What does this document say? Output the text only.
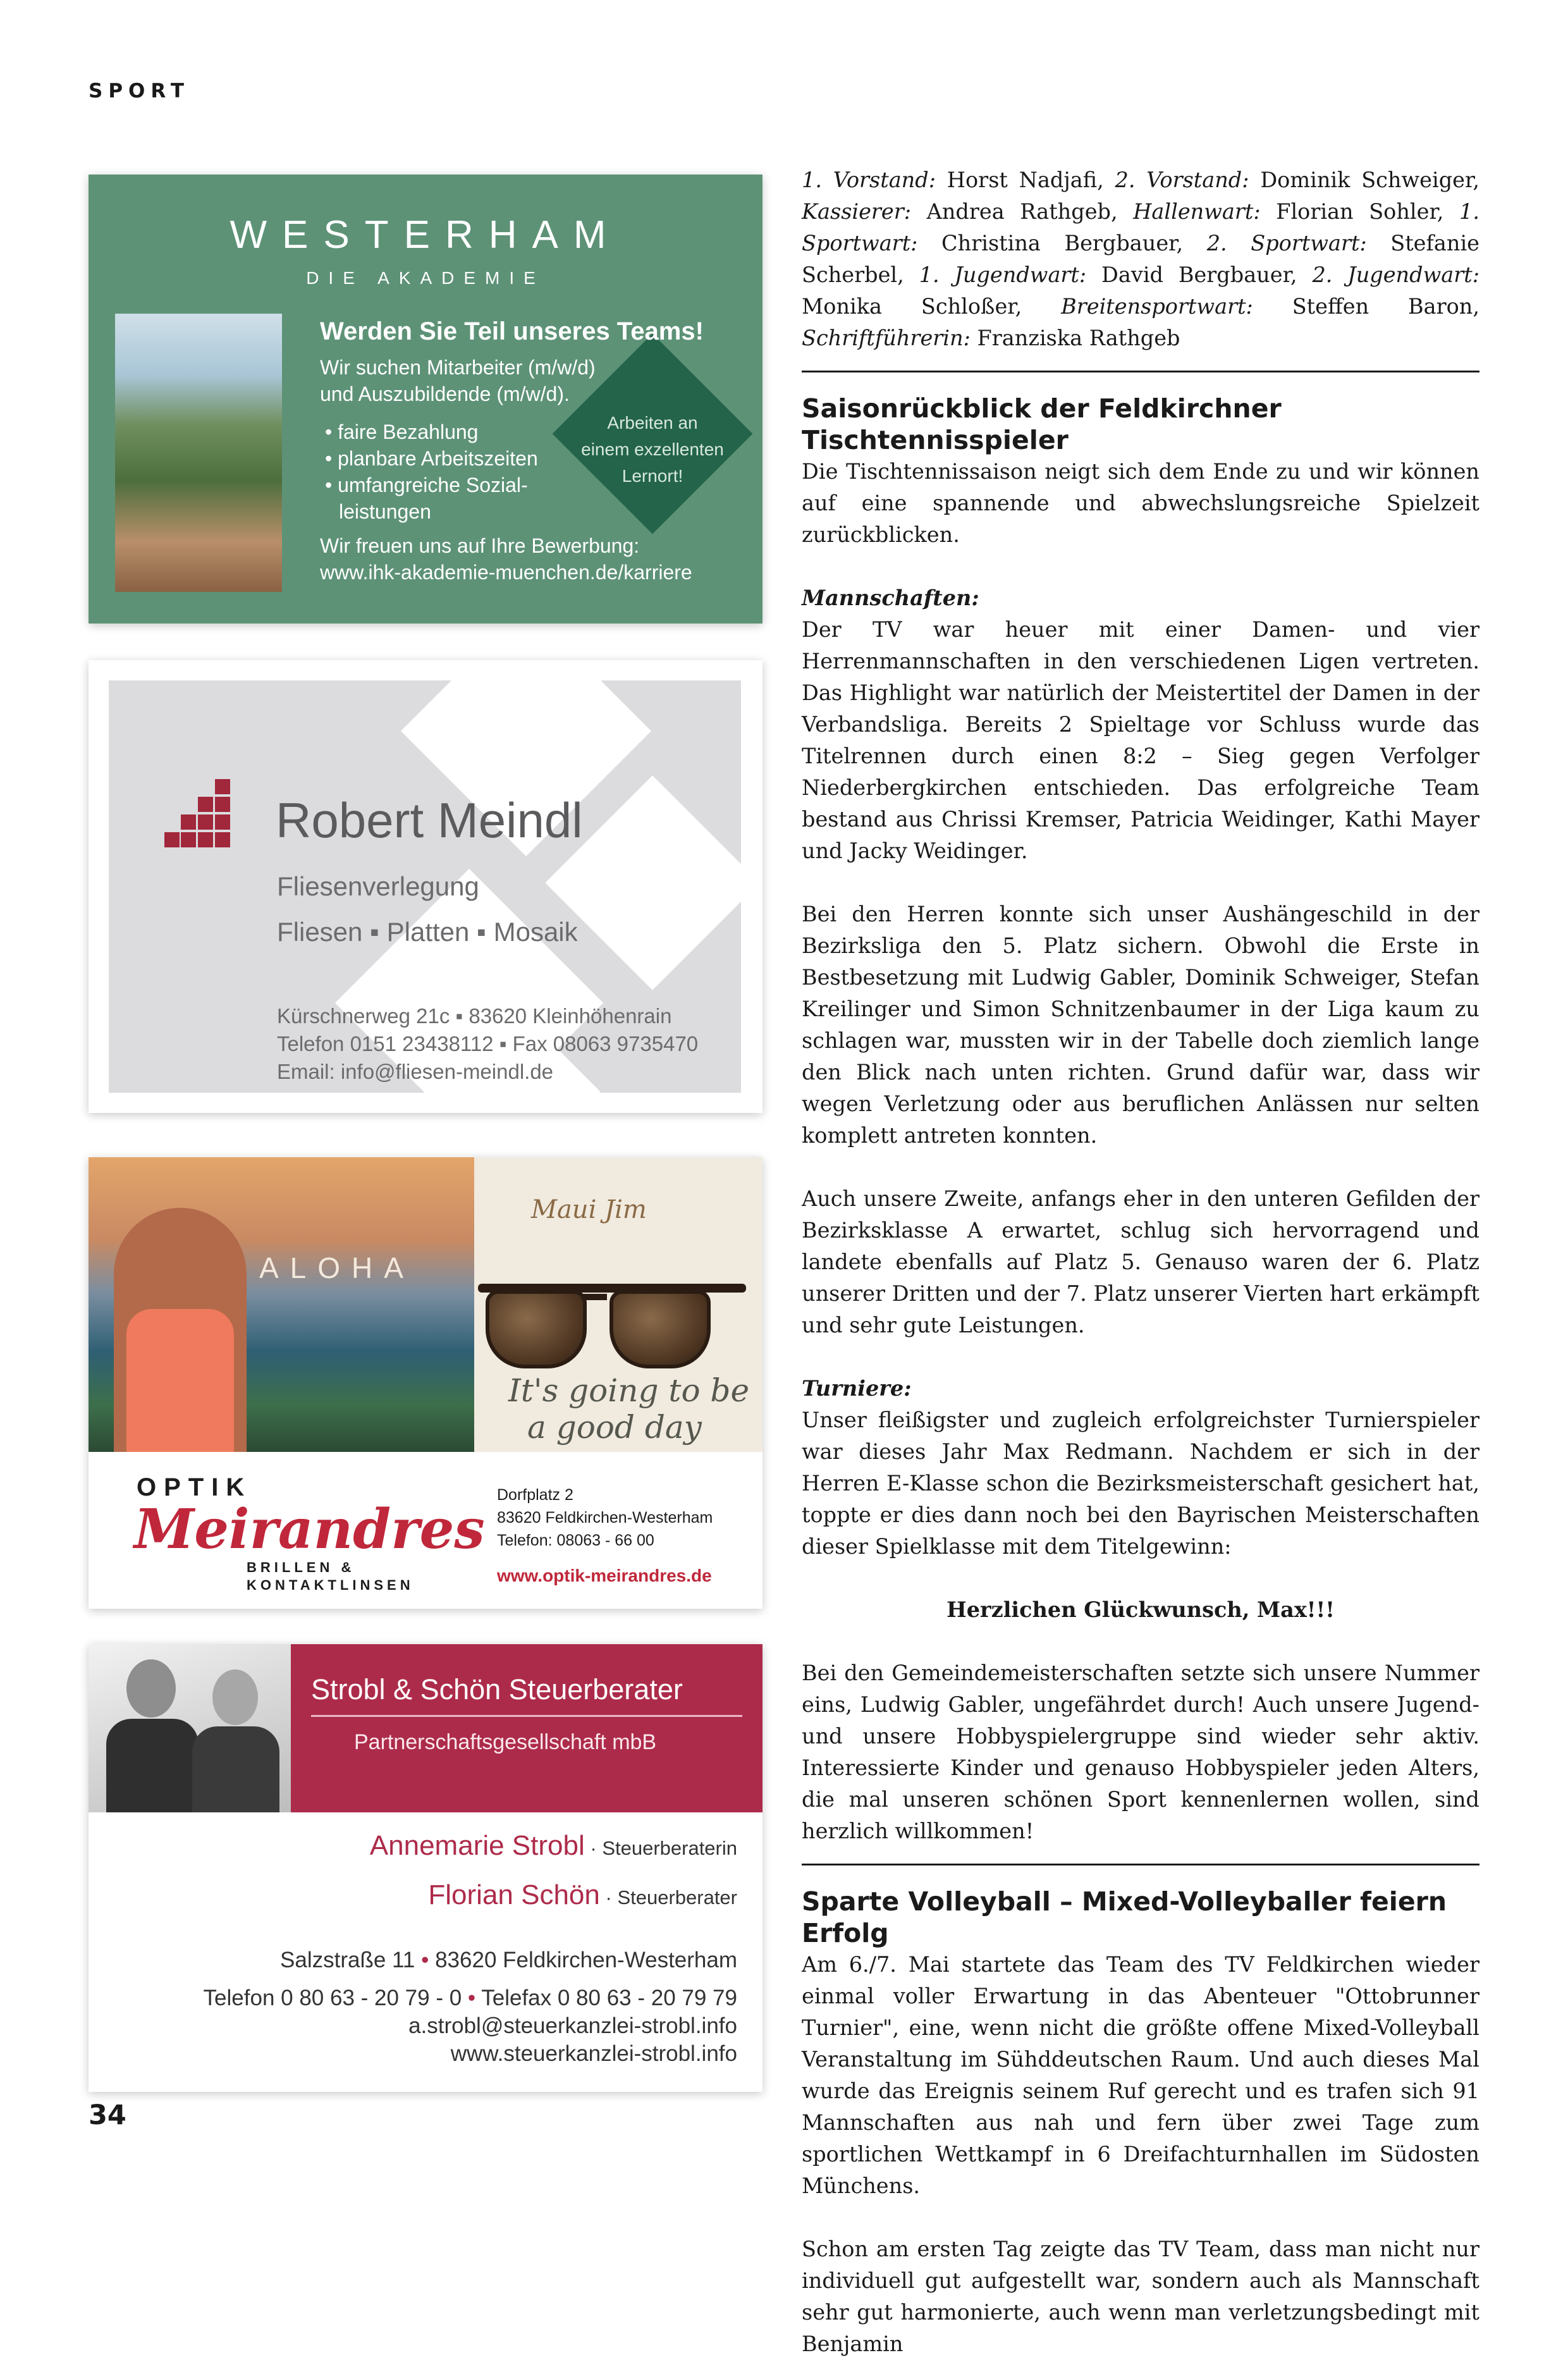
SPORT
WESTERHAM
DIE AKADEMIE
Arbeiten an
einem exzellenten
Lernort!
Werden Sie Teil unseres Teams!
Wir suchen Mitarbeiter (m/w/d)
und Auszubildende (m/w/d).
• faire Bezahlung
• planbare Arbeitszeiten
• umfangreiche Sozial-
leistungen
Wir freuen uns auf Ihre Bewerbung:
www.ihk-akademie-muenchen.de/karriere
Robert Meindl
Fliesenverlegung
Fliesen ▪ Platten ▪ Mosaik
Kürschnerweg 21c ▪ 83620 Kleinhöhenrain
Telefon 0151 23438112 ▪ Fax 08063 9735470
Email: info@fliesen-meindl.de
ALOHA
Maui Jim
It's going to be
a good day
OPTIK
Meirandres
BRILLEN &
KONTAKTLINSEN
Dorfplatz 2
83620 Feldkirchen-Westerham
Telefon: 08063 - 66 00
www.optik-meirandres.de
Strobl & Schön Steuerberater
Partnerschaftsgesellschaft mbB
Annemarie Strobl · Steuerberaterin
Florian Schön · Steuerberater
Salzstraße 11 • 83620 Feldkirchen-Westerham
Telefon 0 80 63 - 20 79 - 0 • Telefax 0 80 63 - 20 79 79
a.strobl@steuerkanzlei-strobl.info
www.steuerkanzlei-strobl.info

1. Vorstand: Horst Nadjafi, 2. Vorstand: Dominik Schweiger, Kassierer: Andrea Rathgeb, Hallenwart: Florian Sohler, 1. Sportwart: Christina Bergbauer, 2. Sportwart: Stefanie Scherbel, 1. Jugendwart: David Bergbauer, 2. Jugendwart: Monika Schloßer, Breitensportwart: Steffen Baron, Schriftführerin: Franziska Rathgeb

Saisonrückblick der Feldkirchner Tischtennisspieler

Die Tischtennissaison neigt sich dem Ende zu und wir können auf eine spannende und abwechslungsreiche Spielzeit zurückblicken.

Mannschaften:

Der TV war heuer mit einer Damen- und vier Herrenmannschaften in den verschiedenen Ligen vertreten. Das Highlight war natürlich der Meistertitel der Damen in der Verbandsliga. Bereits 2 Spieltage vor Schluss wurde das Titelrennen durch einen 8:2 – Sieg gegen Verfolger Niederbergkirchen entschieden. Das erfolgreiche Team bestand aus Chrissi Kremser, Patricia Weidinger, Kathi Mayer und Jacky Weidinger.

Bei den Herren konnte sich unser Aushängeschild in der Bezirksliga den 5. Platz sichern. Obwohl die Erste in Bestbesetzung mit Ludwig Gabler, Dominik Schweiger, Stefan Kreilinger und Simon Schnitzenbaumer in der Liga kaum zu schlagen war, mussten wir in der Tabelle doch ziemlich lange den Blick nach unten richten. Grund dafür war, dass wir wegen Verletzung oder aus beruflichen Anlässen nur selten komplett antreten konnten.

Auch unsere Zweite, anfangs eher in den unteren Gefilden der Bezirksklasse A erwartet, schlug sich hervorragend und landete ebenfalls auf Platz 5. Genauso waren der 6. Platz unserer Dritten und der 7. Platz unserer Vierten hart erkämpft und sehr gute Leistungen.

Turniere:

Unser fleißigster und zugleich erfolgreichster Turnierspieler war dieses Jahr Max Redmann. Nachdem er sich in der Herren E-Klasse schon die Bezirksmeisterschaft gesichert hat, toppte er dies dann noch bei den Bayrischen Meisterschaften dieser Spielklasse mit dem Titelgewinn:

Herzlichen Glückwunsch, Max!!!

Bei den Gemeindemeisterschaften setzte sich unsere Nummer eins, Ludwig Gabler, ungefährdet durch! Auch unsere Jugend- und unsere Hobbyspielergruppe sind wieder sehr aktiv. Interessierte Kinder und genauso Hobbyspieler jeden Alters, die mal unseren schönen Sport kennenlernen wollen, sind herzlich willkommen!

Sparte Volleyball – Mixed-Volleyballer feiern Erfolg

Am 6./7. Mai startete das Team des TV Feldkirchen wieder einmal voller Erwartung in das Abenteuer "Ottobrunner Turnier", eine, wenn nicht die größte offene Mixed-Volleyball Veranstaltung im Sühddeutschen Raum. Und auch dieses Mal wurde das Ereignis seinem Ruf gerecht und es trafen sich 91 Mannschaften aus nah und fern über zwei Tage zum sportlichen Wettkampf in 6 Dreifachturnhallen im Südosten Münchens.

Schon am ersten Tag zeigte das TV Team, dass man nicht nur individuell gut aufgestellt war, sondern auch als Mannschaft sehr gut harmonierte, auch wenn man verletzungsbedingt mit Benjamin

34
